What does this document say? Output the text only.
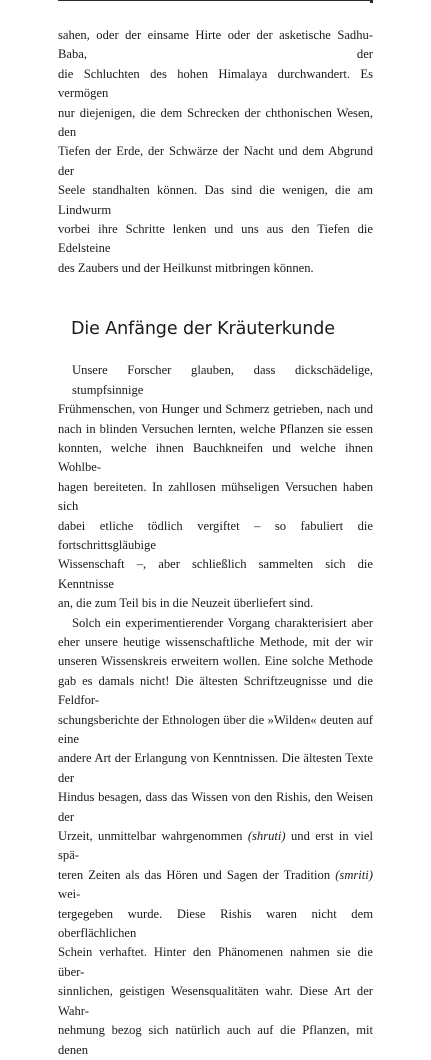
sahen, oder der einsame Hirte oder der asketische Sadhu-Baba, der
die Schluchten des hohen Himalaya durchwandert. Es vermögen
nur diejenigen, die dem Schrecken der chthonischen Wesen, den
Tiefen der Erde, der Schwärze der Nacht und dem Abgrund der
Seele standhalten können. Das sind die wenigen, die am Lindwurm
vorbei ihre Schritte lenken und uns aus den Tiefen die Edelsteine
des Zaubers und der Heilkunst mitbringen können.

Die Anfänge der Kräuterkunde

Unsere Forscher glauben, dass dickschädelige, stumpfsinnige
Frühmenschen, von Hunger und Schmerz getrieben, nach und
nach in blinden Versuchen lernten, welche Pflanzen sie essen
konnten, welche ihnen Bauchkneifen und welche ihnen Wohlbe-
hagen bereiteten. In zahllosen mühseligen Versuchen haben sich
dabei etliche tödlich vergiftet – so fabuliert die fortschrittsgläubige
Wissenschaft –, aber schließlich sammelten sich die Kenntnisse
an, die zum Teil bis in die Neuzeit überliefert sind.

Solch ein experimentierender Vorgang charakterisiert aber
eher unsere heutige wissenschaftliche Methode, mit der wir
unseren Wissenskreis erweitern wollen. Eine solche Methode
gab es damals nicht! Die ältesten Schriftzeugnisse und die Feldfor-
schungsberichte der Ethnologen über die »Wilden« deuten auf eine
andere Art der Erlangung von Kenntnissen. Die ältesten Texte der
Hindus besagen, dass das Wissen von den Rishis, den Weisen der
Urzeit, unmittelbar wahrgenommen (shruti) und erst in viel spä-
teren Zeiten als das Hören und Sagen der Tradition (smriti) wei-
tergegeben wurde. Diese Rishis waren nicht dem oberflächlichen
Schein verhaftet. Hinter den Phänomenen nahmen sie die über-
sinnlichen, geistigen Wesensqualitäten wahr. Diese Art der Wahr-
nehmung bezog sich natürlich auch auf die Pflanzen, mit denen
